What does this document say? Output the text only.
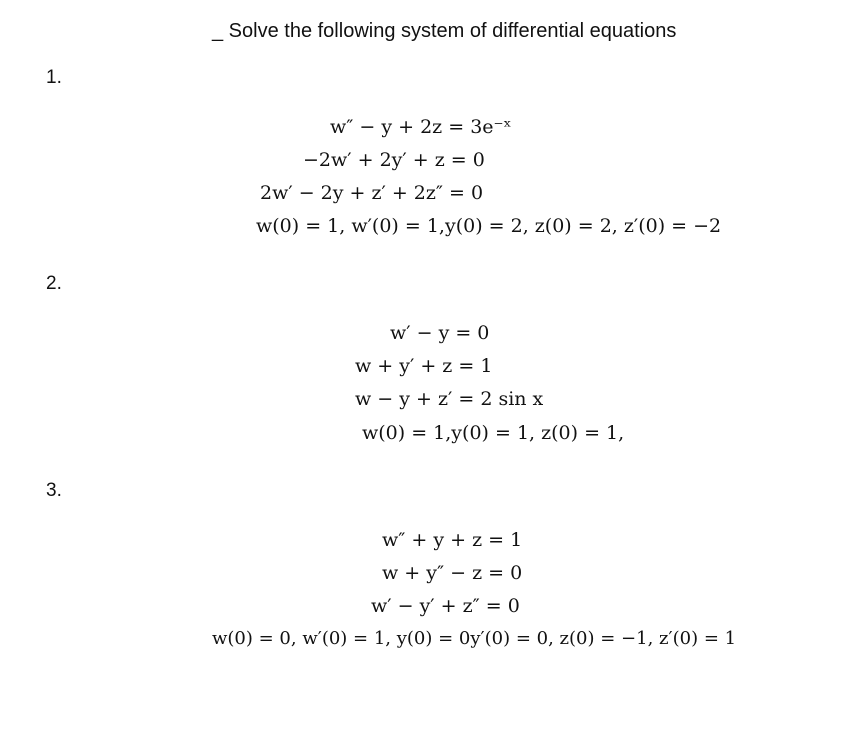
_ Solve the following system of differential equations
1.
w″ − y + 2z = 3e⁻ˣ
−2w′ + 2y′ + z = 0
2w′ − 2y + z′ + 2z″ = 0
w(0) = 1, w′(0) = 1,y(0) = 2, z(0) = 2, z′(0) = −2
2.
w′ − y = 0
w + y′ + z = 1
w − y + z′ = 2 sin x
w(0) = 1,y(0) = 1, z(0) = 1,
3.
w″ + y + z = 1
w + y″ − z = 0
w′ − y′ + z″ = 0
w(0) = 0, w′(0) = 1, y(0) = 0y′(0) = 0, z(0) = −1, z′(0) = 1
